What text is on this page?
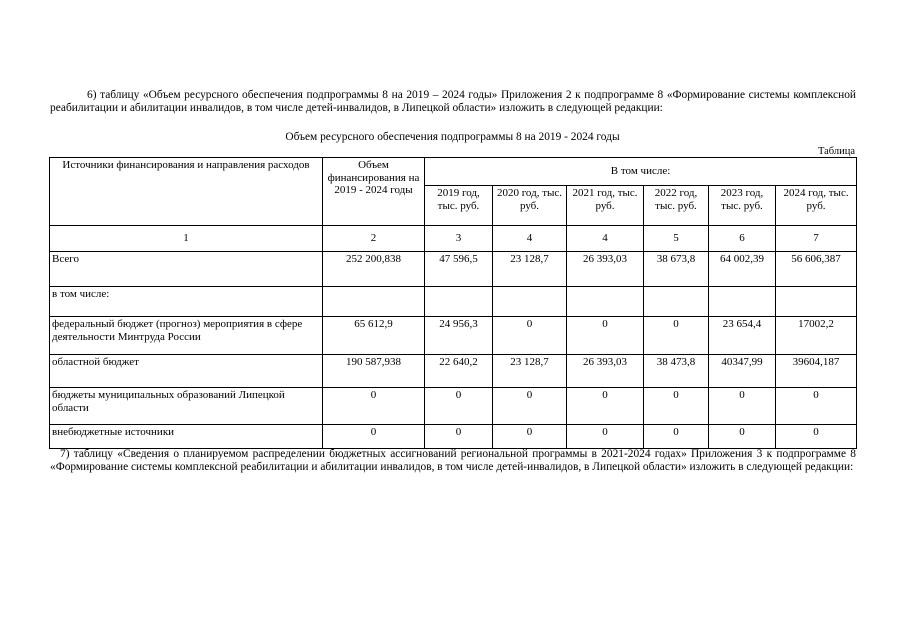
6) таблицу «Объем ресурсного обеспечения подпрограммы 8 на 2019 – 2024 годы» Приложения 2 к подпрограмме 8 «Формирование системы комплексной реабилитации и абилитации инвалидов, в том числе детей-инвалидов, в Липецкой области» изложить в следующей редакции:
Объем ресурсного обеспечения подпрограммы 8 на 2019 - 2024 годы
Таблица
Источники финансирования и направления расходов	Объем финансирования на 2019 - 2024 годы	В том числе:					
		2019 год, тыс. руб.	2020 год, тыс. руб.	2021 год, тыс. руб.	2022 год, тыс. руб.	2023 год, тыс. руб.	2024 год, тыс. руб.
1	2	3	4	4	5	6	7
Всего	252 200,838	47 596,5	23 128,7	26 393,03	38 673,8	64 002,39	56 606,387
в том числе:							
федеральный бюджет (прогноз) мероприятия в сфере деятельности Минтруда России	65 612,9	24 956,3	0	0	0	23 654,4	17002,2
областной бюджет	190 587,938	22 640,2	23 128,7	26 393,03	38 473,8	40347,99	39604,187
бюджеты муниципальных образований Липецкой области	0	0	0	0	0	0	0
внебюджетные источники	0	0	0	0	0	0	0
7) таблицу «Сведения о планируемом распределении бюджетных ассигнований региональной программы в 2021-2024 годах» Приложения 3 к подпрограмме 8 «Формирование системы комплексной реабилитации и абилитации инвалидов, в том числе детей-инвалидов, в Липецкой области» изложить в следующей редакции:
